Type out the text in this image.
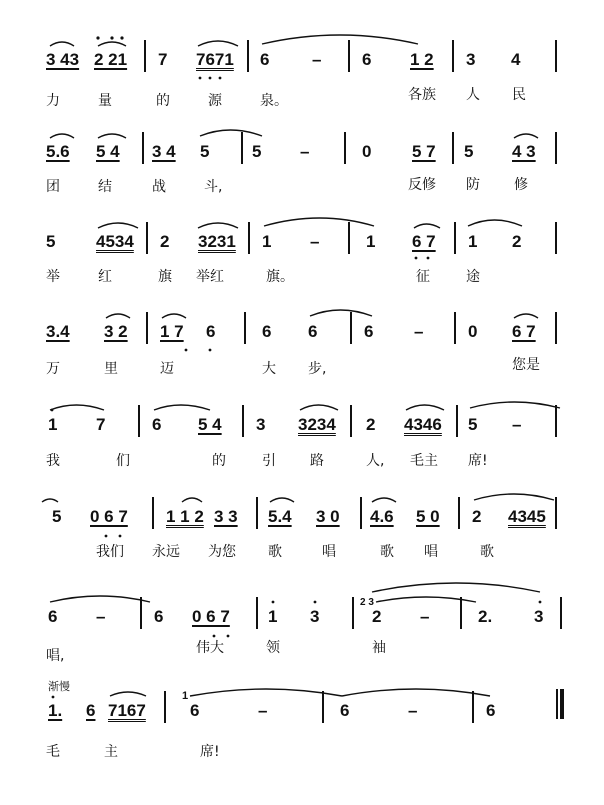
3 43 2 21 7 7671 6	– 6 1 2 3 4
力	量	的	源	泉。	各族 人 民
5.6 5 4 3 4 5	5 –	0 5 7 5 4 3
团	结	战	斗,	反修 防 修
5 4534 2 3231 1 –	1 6 7 1 2
举	红	旗 举红	旗。	征	途
3.4 3 2 1 7 6	6 6	6 –	0 6 7
万	里	迈	大 步,	您是
1 7	6 5 4 3 3234 2 4346 5 –
我	们	的	引 路	人, 毛主 席!
5 0 6 7 1 1 2 3 3 5.4 3 0 4.6 5 0 2 4345
我们 永远 为您 歌	唱	歌 唱	歌
6 –	6 0 6 7 1 3
2 3
2 –	2. 3
唱,	伟大	领	袖
渐慢
1. 6 7167
1
6	–	6	–	6
毛	主	席!
